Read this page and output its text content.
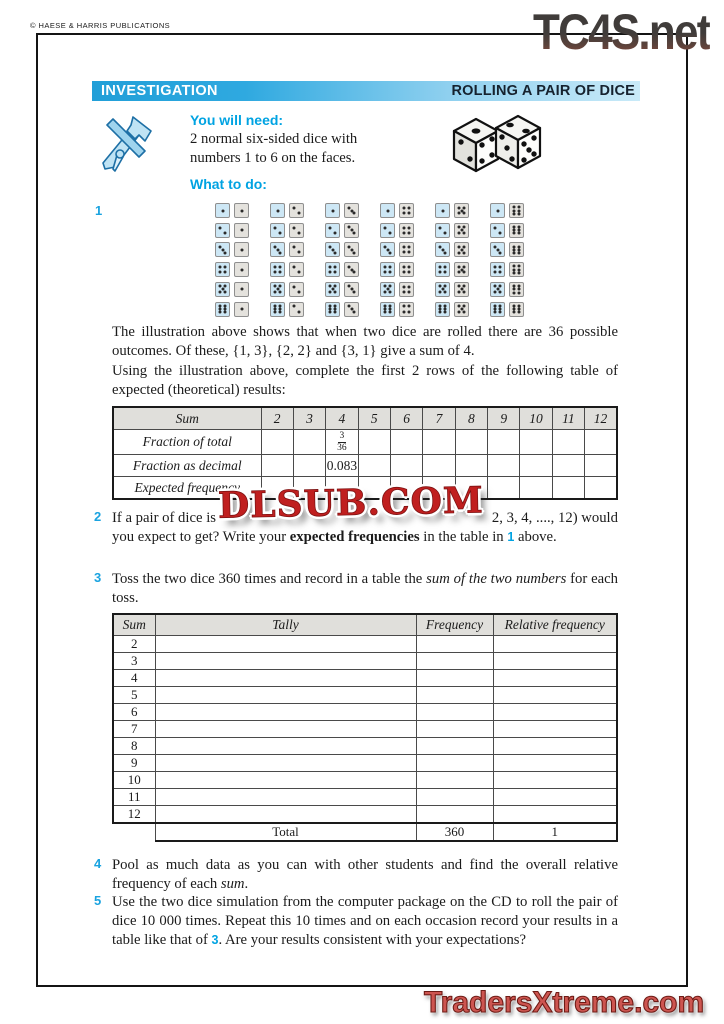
© HAESE & HARRIS PUBLICATIONS	TC4S.net
INVESTIGATION	ROLLING A PAIR OF DICE
You will need:
2 normal six-sided dice with numbers 1 to 6 on the faces.
What to do:
1
The illustration above shows that when two dice are rolled there are 36 possible outcomes. Of these, {1, 3}, {2, 2} and {3, 1} give a sum of 4.
Using the illustration above, complete the first 2 rows of the following table of expected (theoretical) results:
Sum	2	3	4	5	6	7	8	9	10	11	12
Fraction of total			$\frac{3}{36}$

Fraction as decimal			0.083								
Expected frequency											
DLSUB.COM
2 If a pair of dice is	2, 3, 4, ...., 12) would
you expect to get? Write your expected frequencies in the table in 1 above.
3 Toss the two dice 360 times and record in a table the sum of the two numbers for each toss.
Sum	Tally	Frequency	Relative frequency
2			
3			
4			
5			
6			
7			
8			
9			
10			
11			
12			
	Total	360	1
4 Pool as much data as you can with other students and find the overall relative frequency of each sum.
5 Use the two dice simulation from the computer package on the CD to roll the pair of dice 10 000 times. Repeat this 10 times and on each occasion record your results in a table like that of 3. Are your results consistent with your expectations?
TradersXtreme.com
